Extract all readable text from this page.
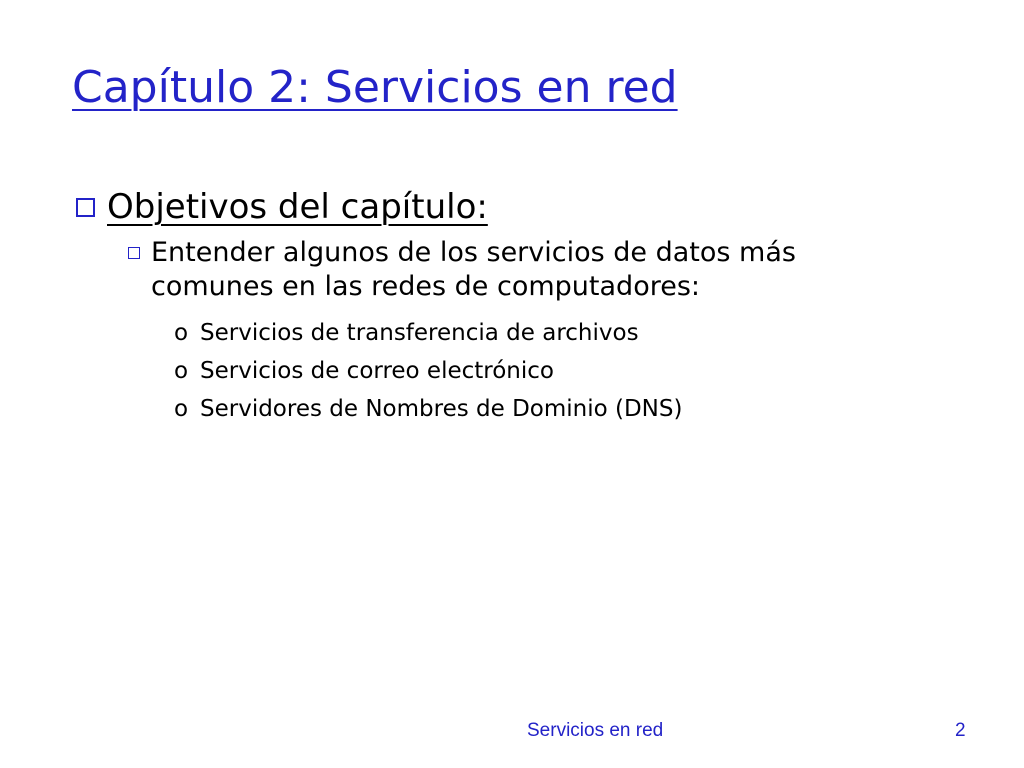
Capítulo 2: Servicios en red
Objetivos del capítulo:
Entender algunos de los servicios de datos más comunes en las redes de computadores:
o Servicios de transferencia de archivos
o Servicios de correo electrónico
o Servidores de Nombres de Dominio (DNS)
Servicios en red	2
